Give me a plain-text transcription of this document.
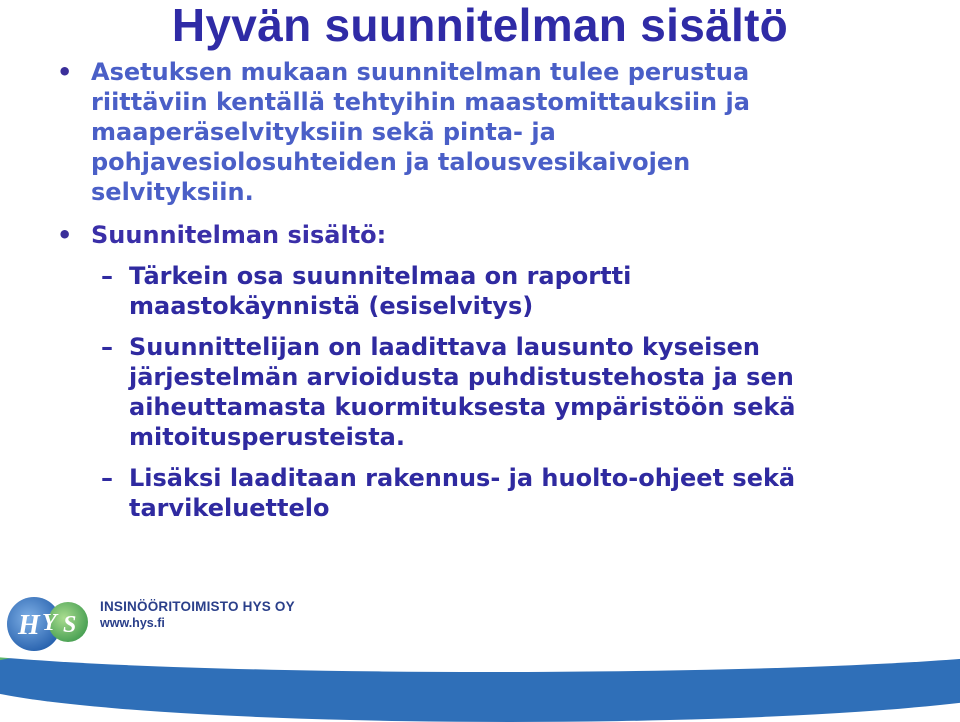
Hyvän suunnitelman sisältö
• Asetuksen mukaan suunnitelman tulee perustua
riittäviin kentällä tehtyihin maastomittauksiin ja
maaperäselvityksiin sekä pinta- ja
pohjavesiolosuhteiden ja talousvesikaivojen
selvityksiin.
• Suunnitelman sisältö:
– Tärkein osa suunnitelmaa on raportti
maastokäynnistä (esiselvitys)
– Suunnittelijan on laadittava lausunto kyseisen
järjestelmän arvioidusta puhdistustehosta ja sen
aiheuttamasta kuormituksesta ympäristöön sekä
mitoitusperusteista.
– Lisäksi laaditaan rakennus- ja huolto-ohjeet sekä
tarvikeluettelo
H Y S
INSINÖÖRITOIMISTO HYS OY
www.hys.fi
